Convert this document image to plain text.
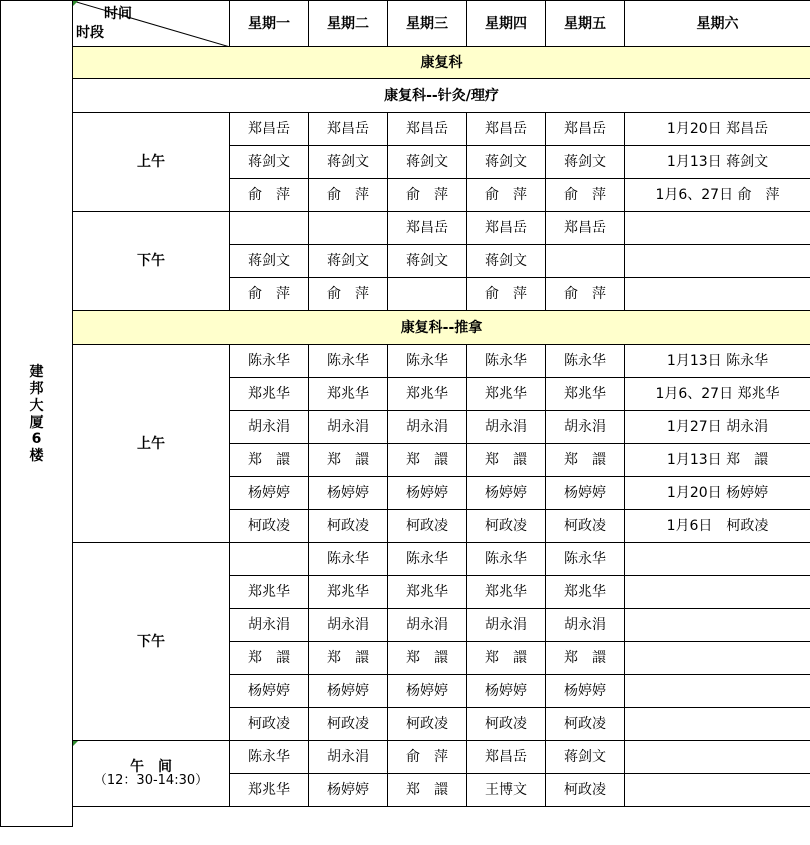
建邦大厦6楼	时间
时段	星期一	星期二	星期三	星期四	星期五	星期六
	康复科						
	康复科--针灸/理疗						
	上午	郑昌岳	郑昌岳	郑昌岳	郑昌岳	郑昌岳	1月20日 郑昌岳
		蒋剑文	蒋剑文	蒋剑文	蒋剑文	蒋剑文	1月13日 蒋剑文
		俞　萍	俞　萍	俞　萍	俞　萍	俞　萍	1月6、27日 俞　萍
	下午			郑昌岳	郑昌岳	郑昌岳	
		蒋剑文	蒋剑文	蒋剑文	蒋剑文		
		俞　萍	俞　萍		俞　萍	俞　萍	
	康复科--推拿						
	上午	陈永华	陈永华	陈永华	陈永华	陈永华	1月13日 陈永华
		郑兆华	郑兆华	郑兆华	郑兆华	郑兆华	1月6、27日 郑兆华
		胡永涓	胡永涓	胡永涓	胡永涓	胡永涓	1月27日 胡永涓
		郑　譞	郑　譞	郑　譞	郑　譞	郑　譞	1月13日 郑　譞
		杨婷婷	杨婷婷	杨婷婷	杨婷婷	杨婷婷	1月20日 杨婷婷
		柯政凌	柯政凌	柯政凌	柯政凌	柯政凌	1月6日　柯政凌
	下午		陈永华	陈永华	陈永华	陈永华	
		郑兆华	郑兆华	郑兆华	郑兆华	郑兆华	
		胡永涓	胡永涓	胡永涓	胡永涓	胡永涓	
		郑　譞	郑　譞	郑　譞	郑　譞	郑　譞	
		杨婷婷	杨婷婷	杨婷婷	杨婷婷	杨婷婷	
		柯政凌	柯政凌	柯政凌	柯政凌	柯政凌	

	午　间
（12：30-14:30）	陈永华	胡永涓	俞　萍	郑昌岳	蒋剑文	
		郑兆华	杨婷婷	郑　譞	王博文	柯政凌	
